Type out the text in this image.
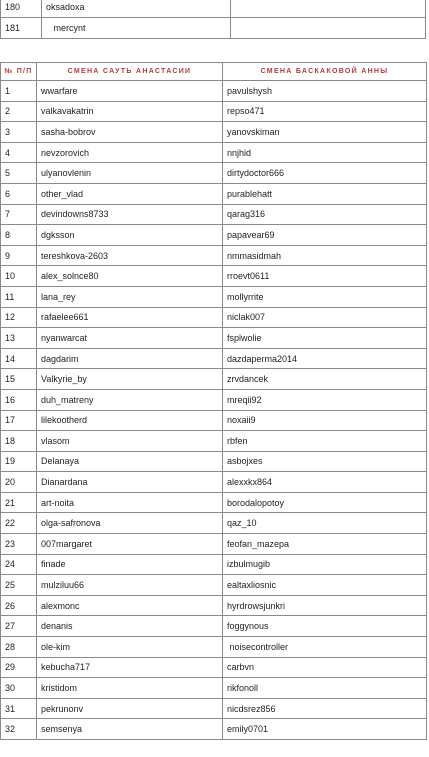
180	oksadoxa	
181	mercynt	
№ П/П	СМЕНА САУТЬ АНАСТАСИИ	СМЕНА БАСКАКОВОЙ АННЫ
1	wwarfare	pavulshysh
2	valkavakatrin	repso471
3	sasha-bobrov	yanovskiman
4	nevzorovich	nnjhid
5	ulyanovlenin	dirtydoctor666
6	other_vlad	purablehatt
7	devindowns8733	qarag316
8	dgksson	papavear69
9	tereshkova-2603	nmmasidmah
10	alex_solnce80	rroevt0611
11	lana_rey	mollyrrite
12	rafaelee661	niclak007
13	nyanwarcat	fsplwolie
14	dagdarim	dazdaperma2014
15	Valkyrie_by	zrvdancek
16	duh_matreny	mreqii92
17	lilekootherd	noxaii9
18	vlasom	rbfen
19	Delanaya	asbojxes
20	Dianardana	alexxkx864
21	art-noita	borodalopotoy
22	olga-safronova	qaz_10
23	007margaret	feofan_mazepa
24	finade	izbulmugib
25	mulziluu66	ealtaxliosnic
26	alexmonc	hyrdrowsjunkri
27	denanis	foggynous
28	ole-kim	noisecontroller
29	kebucha717	carbvn
30	kristidom	rikfonoll
31	pekrunonv	nicdsrez856
32	semsenya	emily0701
